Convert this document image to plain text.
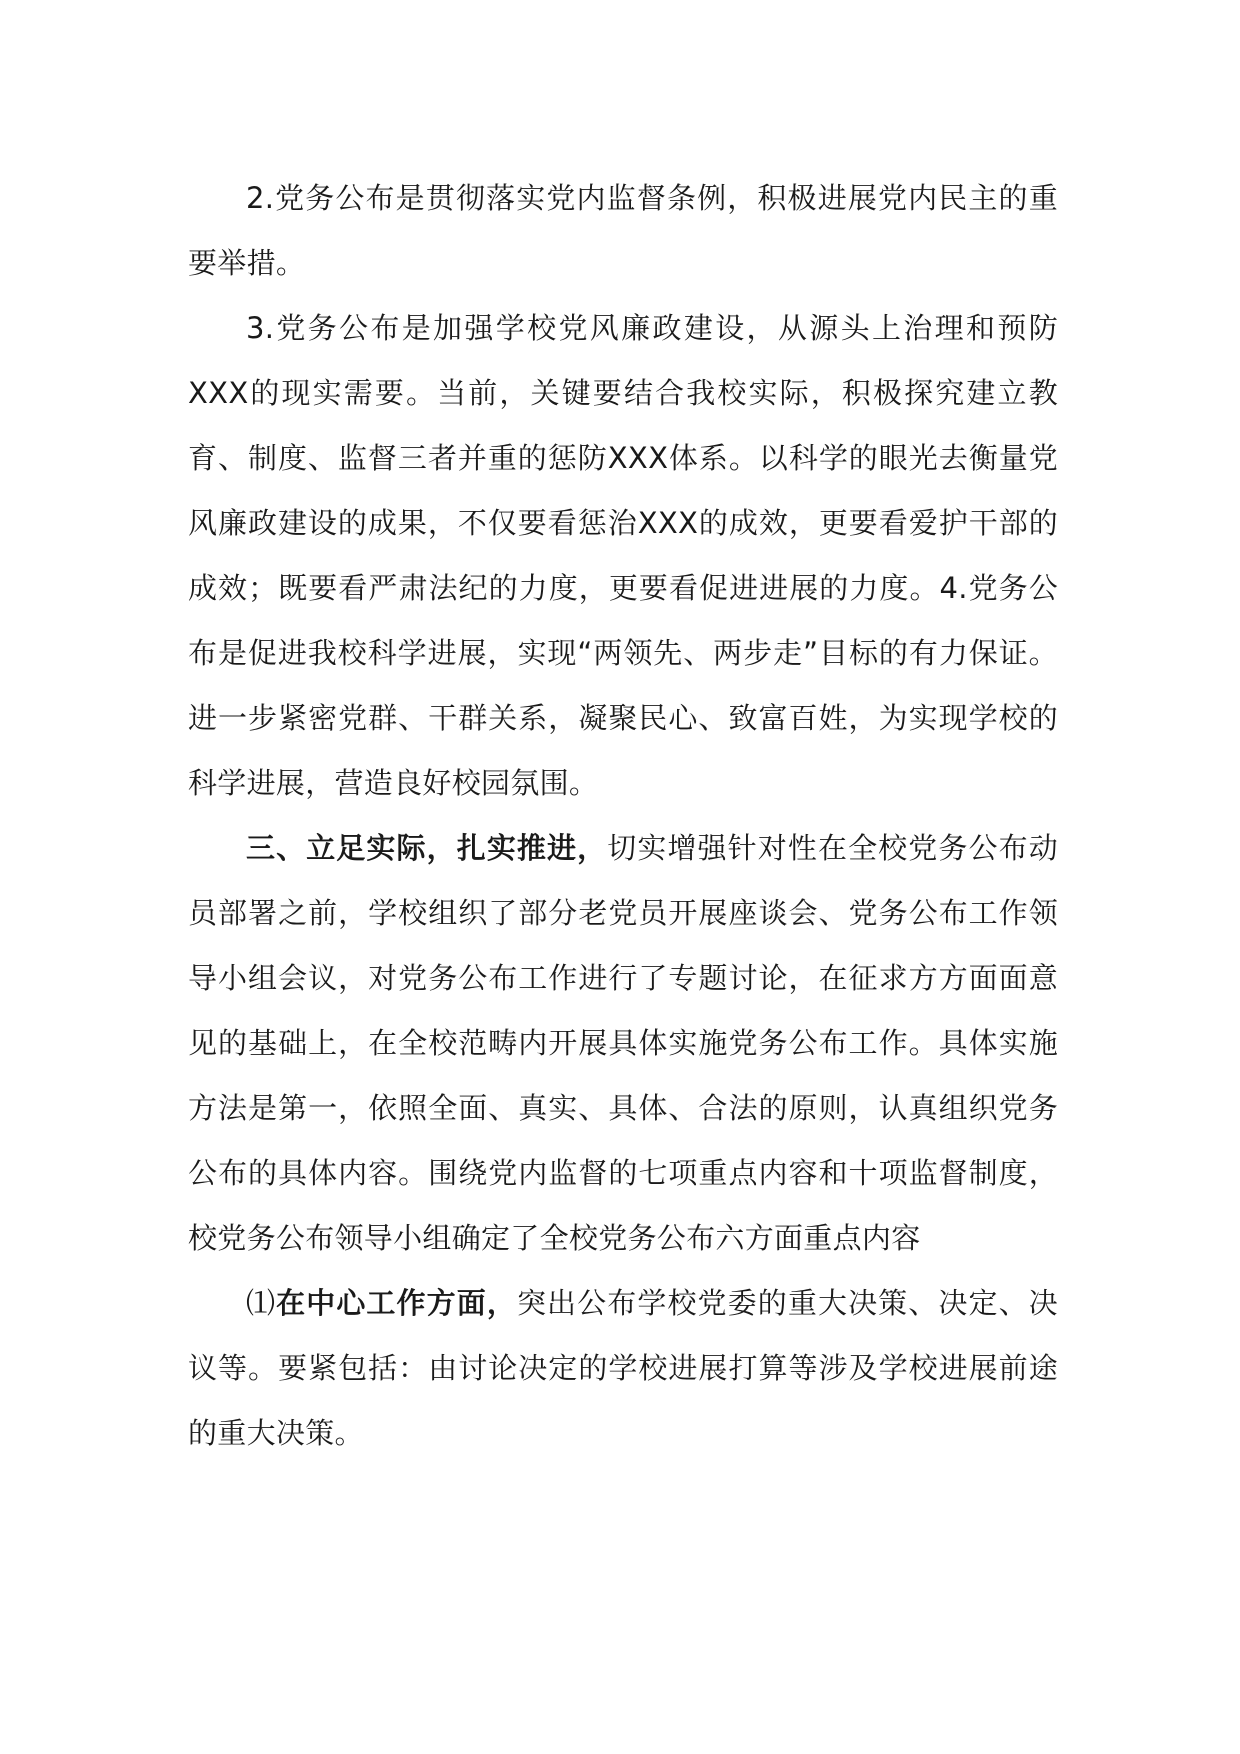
2.党务公布是贯彻落实党内监督条例，积极进展党内民主的重要举措。

3.党务公布是加强学校党风廉政建设，从源头上治理和预防XXX的现实需要。当前，关键要结合我校实际，积极探究建立教育、制度、监督三者并重的惩防XXX体系。以科学的眼光去衡量党风廉政建设的成果，不仅要看惩治XXX的成效，更要看爱护干部的成效；既要看严肃法纪的力度，更要看促进进展的力度。4.党务公布是促进我校科学进展，实现“两领先、两步走”目标的有力保证。进一步紧密党群、干群关系，凝聚民心、致富百姓，为实现学校的科学进展，营造良好校园氛围。

三、立足实际，扎实推进，切实增强针对性在全校党务公布动员部署之前，学校组织了部分老党员开展座谈会、党务公布工作领导小组会议，对党务公布工作进行了专题讨论，在征求方方面面意见的基础上，在全校范畴内开展具体实施党务公布工作。具体实施方法是第一，依照全面、真实、具体、合法的原则，认真组织党务公布的具体内容。围绕党内监督的七项重点内容和十项监督制度，校党务公布领导小组确定了全校党务公布六方面重点内容

⑴在中心工作方面，突出公布学校党委的重大决策、决定、决议等。要紧包括：由讨论决定的学校进展打算等涉及学校进展前途的重大决策。
